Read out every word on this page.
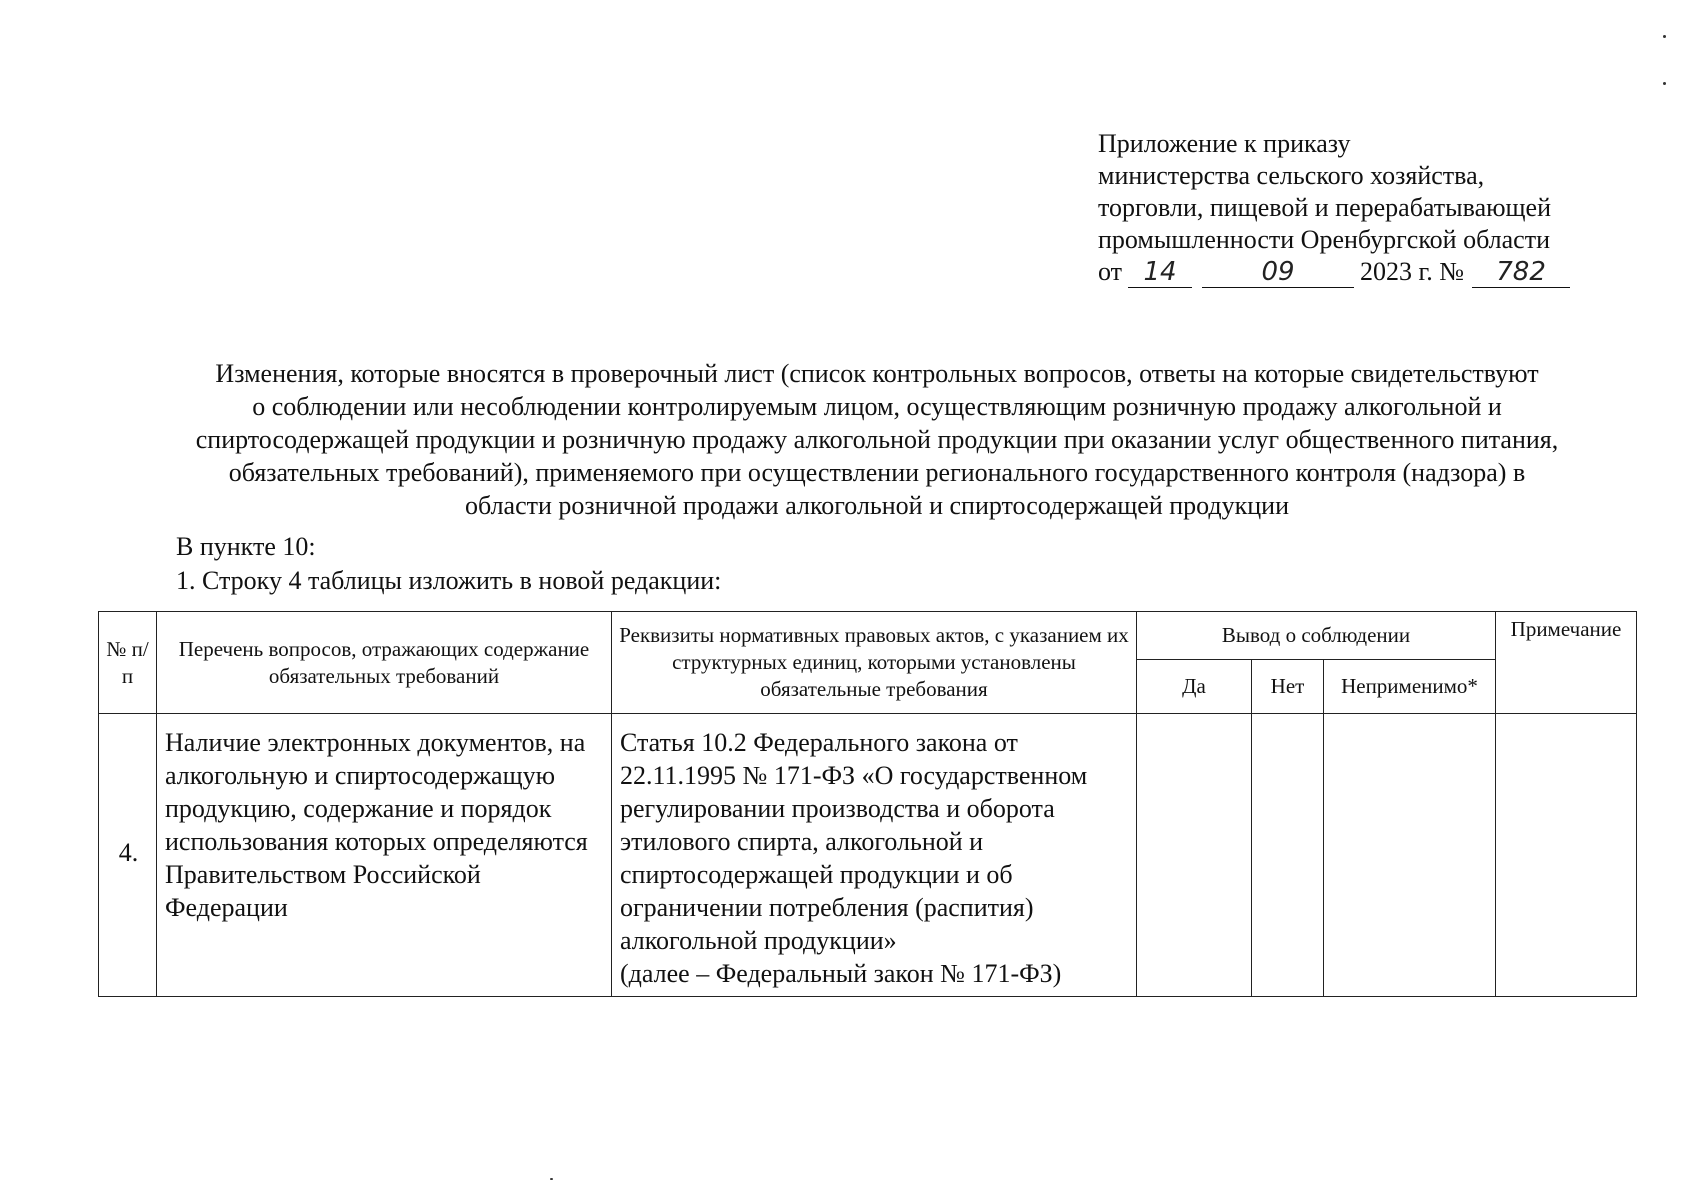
Приложение к приказу
министерства сельского хозяйства,
торговли, пищевой и перерабатывающей
промышленности Оренбургской области
от 14	09	2023 г. №	782
Изменения, которые вносятся в проверочный лист (список контрольных вопросов, ответы на которые свидетельствуют
о соблюдении или несоблюдении контролируемым лицом, осуществляющим розничную продажу алкогольной и
спиртосодержащей продукции и розничную продажу алкогольной продукции при оказании услуг общественного питания,
обязательных требований), применяемого при осуществлении регионального государственного контроля (надзора) в
области розничной продажи алкогольной и спиртосодержащей продукции
В пункте 10:
1. Строку 4 таблицы изложить в новой редакции:
№ п/п	Перечень вопросов, отражающих содержание обязательных требований	Реквизиты нормативных правовых актов, с указанием их структурных единиц, которыми установлены обязательные требования	Вывод о соблюдении			Примечание
			Да	Нет	Неприменимо*	
4.	Наличие электронных документов, на алкогольную и спиртосодержащую продукцию, содержание и порядок использования которых определяются Правительством Российской Федерации	Статья 10.2 Федерального закона от 22.11.1995 № 171-ФЗ «О государственном регулировании производства и оборота этилового спирта, алкогольной и спиртосодержащей продукции и об ограничении потребления (распития) алкогольной продукции»
(далее – Федеральный закон № 171-ФЗ)				
